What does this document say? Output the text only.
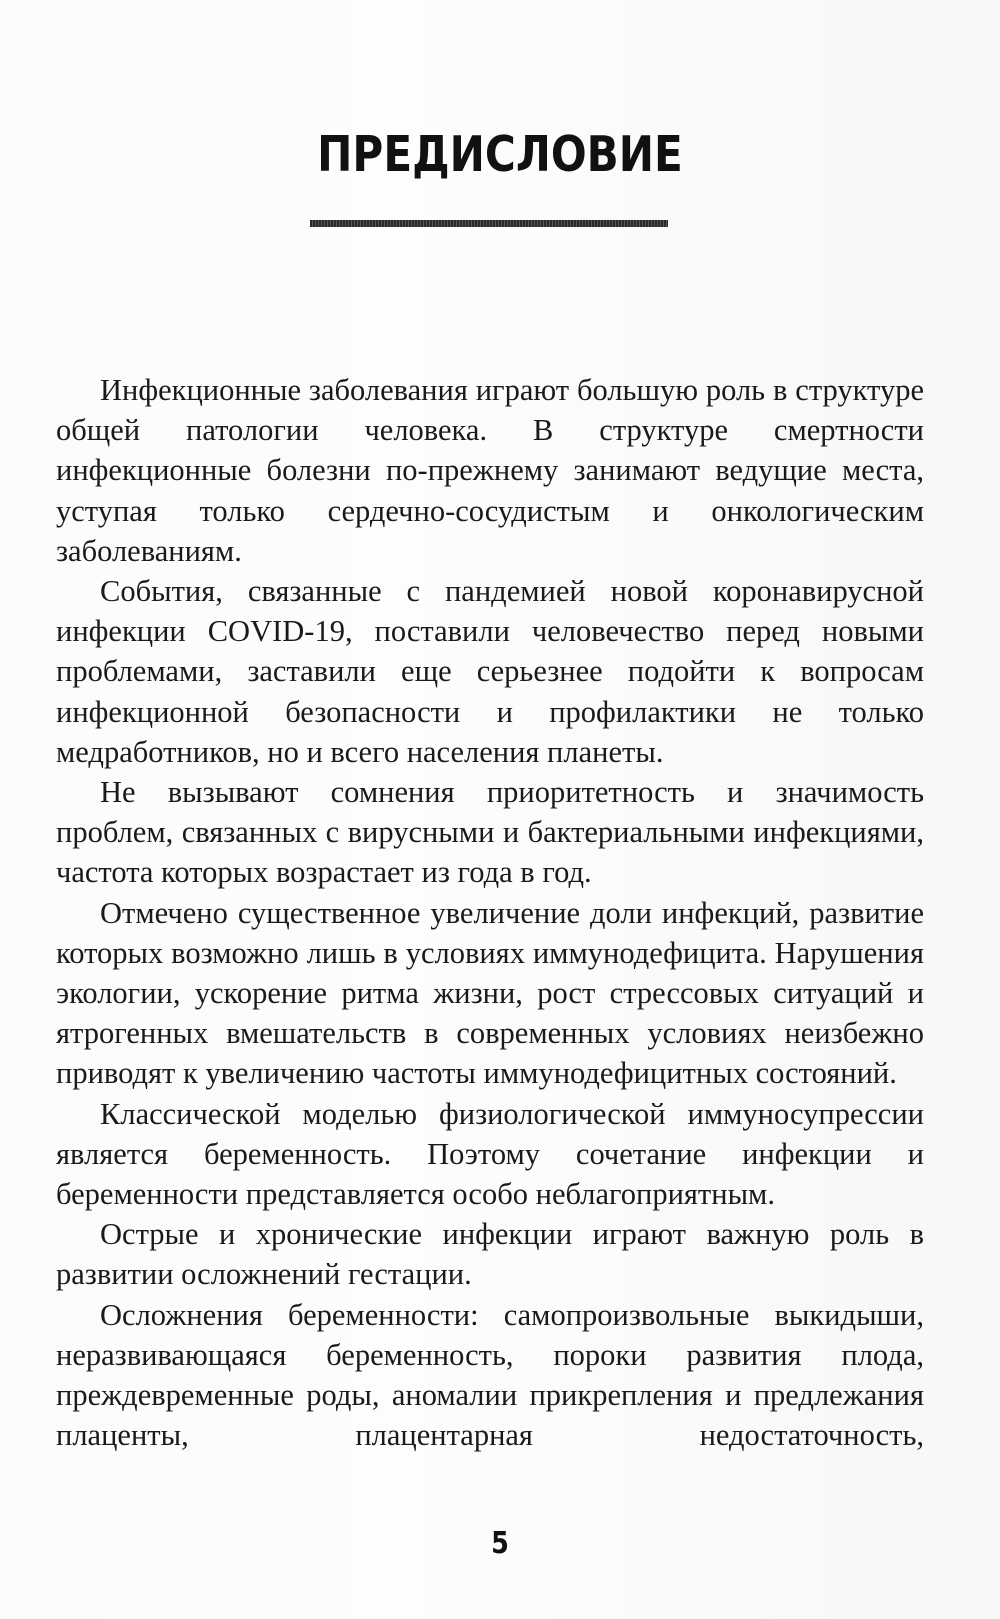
ПРЕДИСЛОВИЕ

Инфекционные заболевания играют большую роль в структуре общей патологии человека. В структуре смертности инфекционные болезни по-прежнему занимают ведущие места, уступая только сердечно-сосудистым и онкологическим заболеваниям.

События, связанные с пандемией новой коронавирусной инфекции COVID-19, поставили человечество перед новыми проблемами, заставили еще серьезнее подойти к вопросам инфекционной безопасности и профилактики не только медработников, но и всего населения планеты.

Не вызывают сомнения приоритетность и значимость проблем, связанных с вирусными и бактериальными инфекциями, частота которых возрастает из года в год.

Отмечено существенное увеличение доли инфекций, развитие которых возможно лишь в условиях иммунодефицита. Нарушения экологии, ускорение ритма жизни, рост стрессовых ситуаций и ятрогенных вмешательств в современных условиях неизбежно приводят к увеличению частоты иммунодефицитных состояний.

Классической моделью физиологической иммуносупрессии является беременность. Поэтому сочетание инфекции и беременности представляется особо неблагоприятным.

Острые и хронические инфекции играют важную роль в развитии осложнений гестации.

Осложнения беременности: самопроизвольные выкидыши, неразвивающаяся беременность, пороки развития плода, преждевременные роды, аномалии прикрепления и предлежания плаценты, плацентарная недостаточность,

5
